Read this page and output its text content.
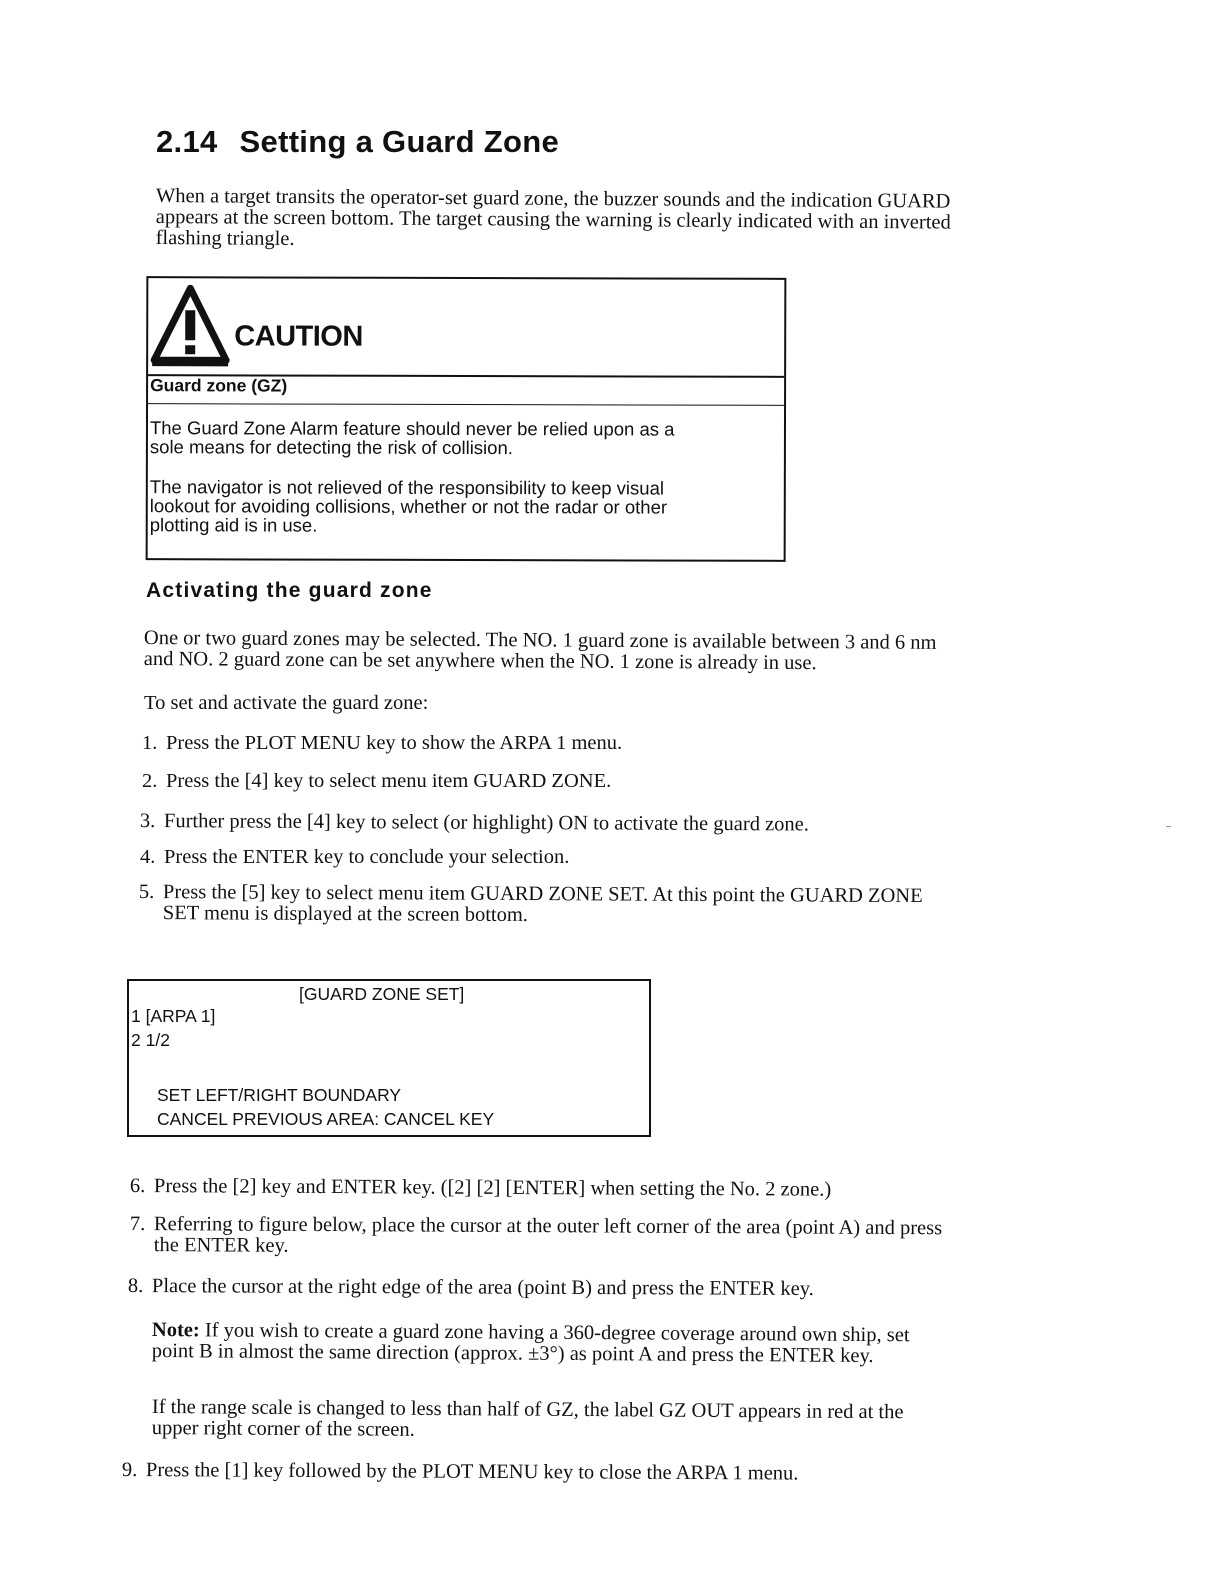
2.14 Setting a Guard Zone
When a target transits the operator-set guard zone, the buzzer sounds and the indication GUARD
appears at the screen bottom. The target causing the warning is clearly indicated with an inverted
flashing triangle.
CAUTION
Guard zone (GZ)
The Guard Zone Alarm feature should never be relied upon as a
sole means for detecting the risk of collision.
The navigator is not relieved of the responsibility to keep visual
lookout for avoiding collisions, whether or not the radar or other
plotting aid is in use.
Activating the guard zone
One or two guard zones may be selected. The NO. 1 guard zone is available between 3 and 6 nm
and NO. 2 guard zone can be set anywhere when the NO. 1 zone is already in use.
To set and activate the guard zone:
1. Press the PLOT MENU key to show the ARPA 1 menu.
2. Press the [4] key to select menu item GUARD ZONE.
3. Further press the [4] key to select (or highlight) ON to activate the guard zone.
4. Press the ENTER key to conclude your selection.
5. Press the [5] key to select menu item GUARD ZONE SET. At this point the GUARD ZONE
SET menu is displayed at the screen bottom.
[GUARD ZONE SET]
1 [ARPA 1]
2 1/2
SET LEFT/RIGHT BOUNDARY
CANCEL PREVIOUS AREA: CANCEL KEY
6. Press the [2] key and ENTER key. ([2] [2] [ENTER] when setting the No. 2 zone.)
7. Referring to figure below, place the cursor at the outer left corner of the area (point A) and press
the ENTER key.
8. Place the cursor at the right edge of the area (point B) and press the ENTER key.
Note: If you wish to create a guard zone having a 360-degree coverage around own ship, set
point B in almost the same direction (approx. ±3°) as point A and press the ENTER key.
If the range scale is changed to less than half of GZ, the label GZ OUT appears in red at the
upper right corner of the screen.
9. Press the [1] key followed by the PLOT MENU key to close the ARPA 1 menu.
